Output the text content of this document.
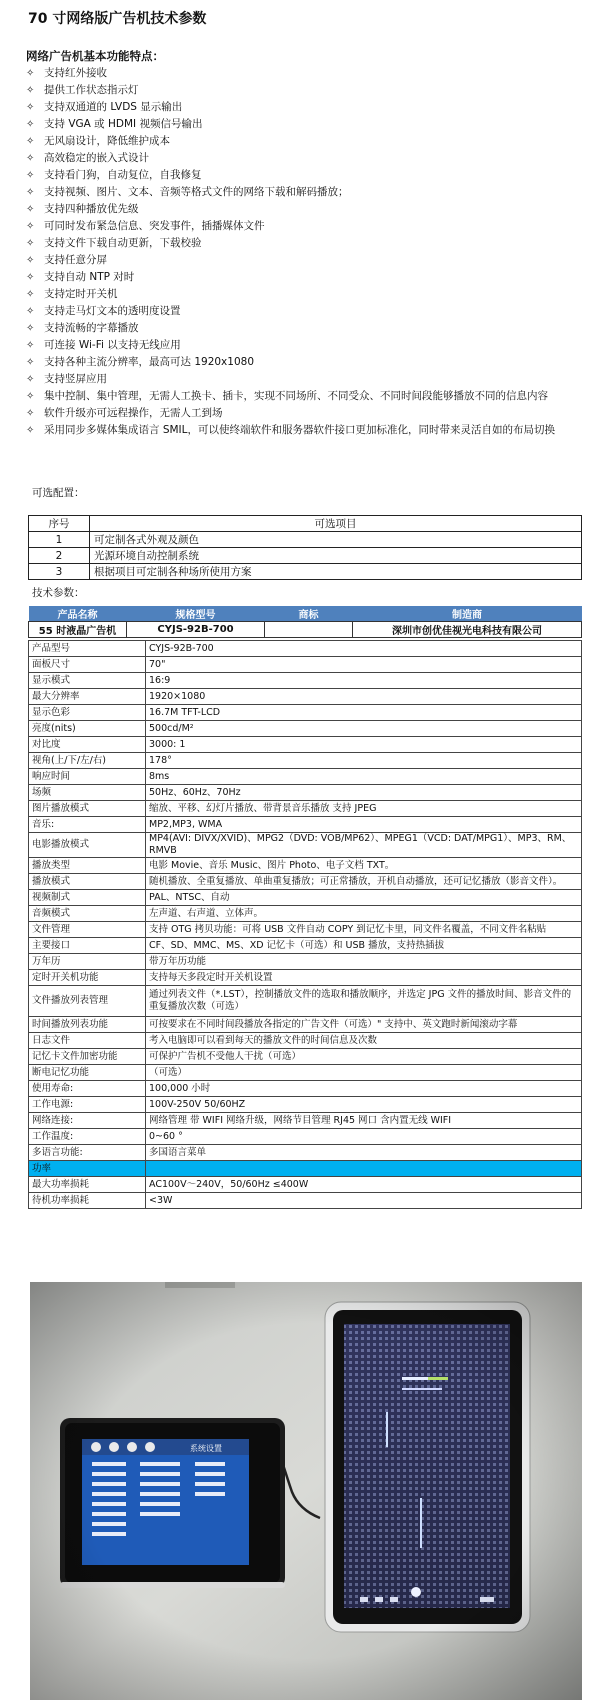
70 寸网络版广告机技术参数
网络广告机基本功能特点：
✧ 支持红外接收
✧ 提供工作状态指示灯
✧ 支持双通道的 LVDS 显示输出
✧ 支持 VGA 或 HDMI 视频信号输出
✧ 无风扇设计，降低维护成本
✧ 高效稳定的嵌入式设计
✧ 支持看门狗，自动复位，自我修复
✧ 支持视频、图片、文本、音频等格式文件的网络下载和解码播放；
✧ 支持四种播放优先级
✧ 可同时发布紧急信息、突发事件，插播媒体文件
✧ 支持文件下载自动更新，下载校验
✧ 支持任意分屏
✧ 支持自动 NTP 对时
✧ 支持定时开关机
✧ 支持走马灯文本的透明度设置
✧ 支持流畅的字幕播放
✧ 可连接 Wi-Fi 以支持无线应用
✧ 支持各种主流分辨率，最高可达 1920x1080
✧ 支持竖屏应用
✧ 集中控制、集中管理，无需人工换卡、插卡，实现不同场所、不同受众、不同时间段能够播放不同的信息内容
✧ 软件升级亦可远程操作，无需人工到场
✧ 采用同步多媒体集成语言 SMIL，可以使终端软件和服务器软件接口更加标准化，同时带来灵活自如的布局切换
可选配置：
序号	可选项目
1	可定制各式外观及颜色
2	光源环境自动控制系统
3	根据项目可定制各种场所使用方案
技术参数：
产品名称	规格型号	商标	制造商
55 时液晶广告机	CYJS-92B-700		深圳市创优佳视光电科技有限公司
产品型号	CYJS-92B-700
面板尺寸	70"
显示模式	16:9
最大分辨率	1920×1080
显示色彩	16.7M TFT-LCD
亮度(nits)	500cd/M²
对比度	3000: 1
视角(上/下/左/右)	178°
响应时间	8ms
场频	50Hz、60Hz、70Hz
图片播放模式	缩放、平移、幻灯片播放、带背景音乐播放 支持 JPEG
音乐:	MP2,MP3, WMA
电影播放模式	MP4(AVI: DIVX/XVID)、MPG2（DVD: VOB/MP62）、MPEG1（VCD: DAT/MPG1）、MP3、RM、RMVB
播放类型	电影 Movie、音乐 Music、图片 Photo、电子文档 TXT。
播放模式	随机播放、全重复播放、单曲重复播放；可正常播放，开机自动播放，还可记忆播放（影音文件）。
视频制式	PAL、NTSC、自动
音频模式	左声道、右声道、立体声。
文件管理	支持 OTG 拷贝功能：可将 USB 文件自动 COPY 到记忆卡里，同文件名覆盖，不同文件名粘贴
主要接口	CF、SD、MMC、MS、XD 记忆卡（可选）和 USB 播放，支持热插拔
万年历	带万年历功能
定时开关机功能	支持每天多段定时开关机设置
文件播放列表管理	通过列表文件（*.LST），控制播放文件的选取和播放顺序，并选定 JPG 文件的播放时间、影音文件的重复播放次数（可选）
时间播放列表功能	可按要求在不同时间段播放各指定的广告文件（可选）" 支持中、英文跑时新闻滚动字幕
日志文件	考入电脑即可以看到每天的播放文件的时间信息及次数
记忆卡文件加密功能	可保护广告机不受他人干扰（可选）
断电记忆功能	（可选）
使用寿命:	100,000 小时
工作电源:	100V-250V 50/60HZ
网络连接:	网络管理 带 WIFI 网络升级，网络节目管理 RJ45 网口 含内置无线 WIFI
工作温度:	0~60 °
多语言功能:	多国语言菜单
功率	
最大功率损耗	AC100V～240V，50/60Hz ≤400W
待机功率损耗	<3W
